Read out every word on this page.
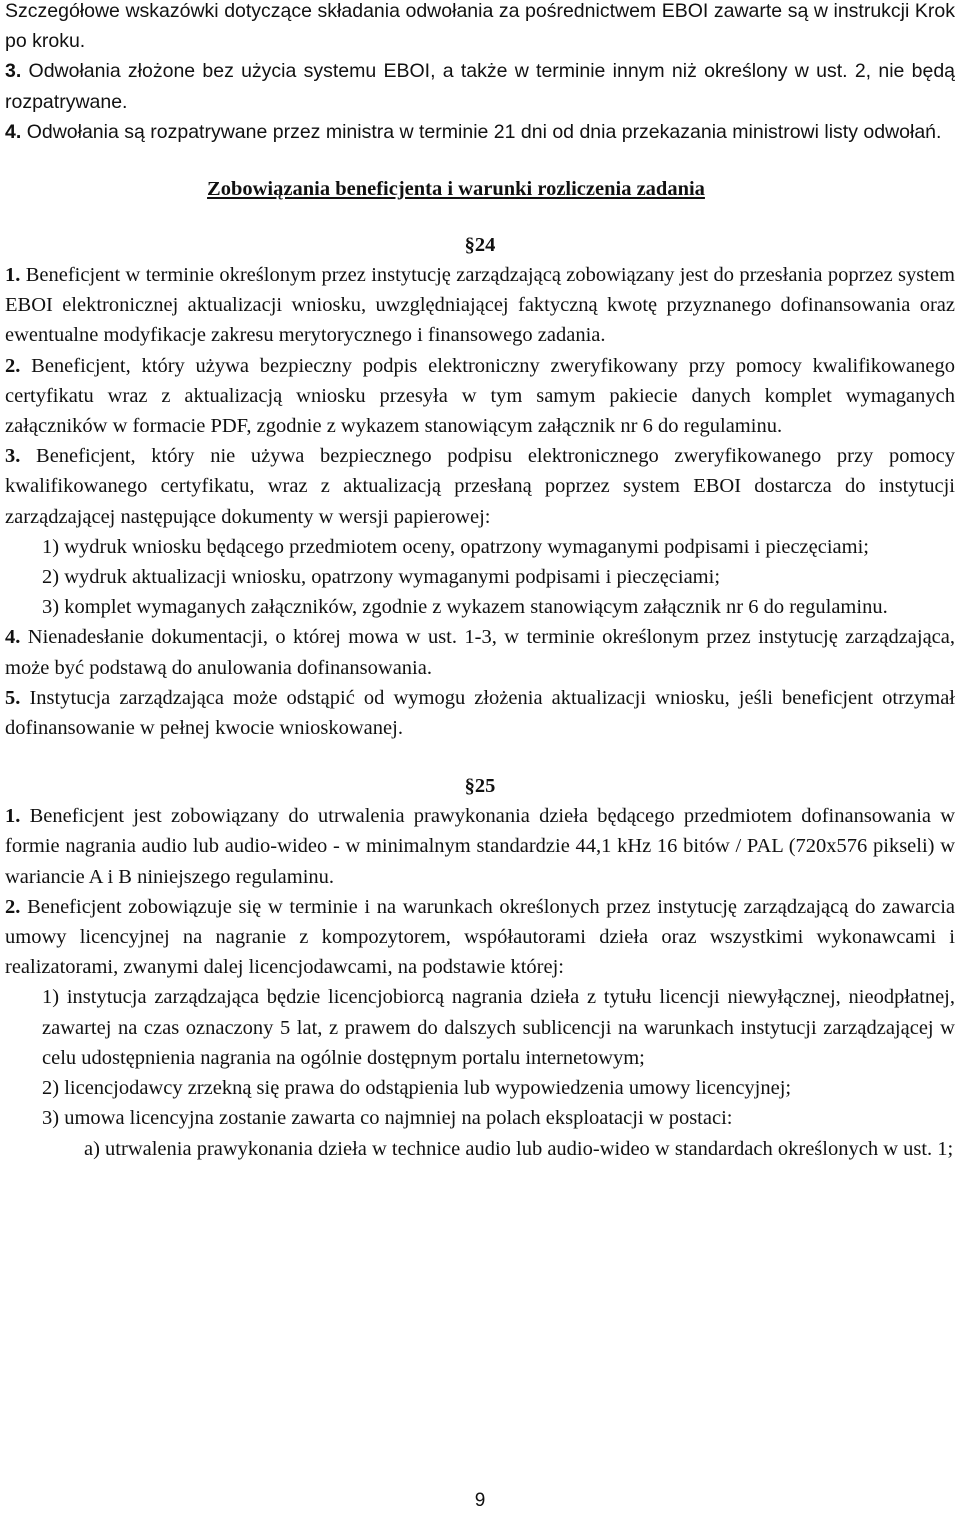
Szczegółowe wskazówki dotyczące składania odwołania za pośrednictwem EBOI zawarte są w instrukcji Krok po kroku.

3. Odwołania złożone bez użycia systemu EBOI, a także w terminie innym niż określony w ust. 2, nie będą rozpatrywane.

4. Odwołania są rozpatrywane przez ministra w terminie 21 dni od dnia przekazania ministrowi listy odwołań.

Zobowiązania beneficjenta i warunki rozliczenia zadania

§24

1. Beneficjent w terminie określonym przez instytucję zarządzającą zobowiązany jest do przesłania poprzez system EBOI elektronicznej aktualizacji wniosku, uwzględniającej faktyczną kwotę przyznanego dofinansowania oraz ewentualne modyfikacje zakresu merytorycznego i finansowego zadania.

2. Beneficjent, który używa bezpieczny podpis elektroniczny zweryfikowany przy pomocy kwalifikowanego certyfikatu wraz z aktualizacją wniosku przesyła w tym samym pakiecie danych komplet wymaganych załączników w formacie PDF, zgodnie z wykazem stanowiącym załącznik nr 6 do regulaminu.

3. Beneficjent, który nie używa bezpiecznego podpisu elektronicznego zweryfikowanego przy pomocy kwalifikowanego certyfikatu, wraz z aktualizacją przesłaną poprzez system EBOI dostarcza do instytucji zarządzającej następujące dokumenty w wersji papierowej:

1) wydruk wniosku będącego przedmiotem oceny, opatrzony wymaganymi podpisami i pieczęciami;

2) wydruk aktualizacji wniosku, opatrzony wymaganymi podpisami i pieczęciami;

3) komplet wymaganych załączników, zgodnie z wykazem stanowiącym załącznik nr 6 do regulaminu.

4. Nienadesłanie dokumentacji, o której mowa w ust. 1-3, w terminie określonym przez instytucję zarządzająca, może być podstawą do anulowania dofinansowania.

5. Instytucja zarządzająca może odstąpić od wymogu złożenia aktualizacji wniosku, jeśli beneficjent otrzymał dofinansowanie w pełnej kwocie wnioskowanej.

§25

1. Beneficjent jest zobowiązany do utrwalenia prawykonania dzieła będącego przedmiotem dofinansowania w formie nagrania audio lub audio-wideo - w minimalnym standardzie 44,1 kHz 16 bitów / PAL (720x576 pikseli) w wariancie A i B niniejszego regulaminu.

2. Beneficjent zobowiązuje się w terminie i na warunkach określonych przez instytucję zarządzającą do zawarcia umowy licencyjnej na nagranie z kompozytorem, współautorami dzieła oraz wszystkimi wykonawcami i realizatorami, zwanymi dalej licencjodawcami, na podstawie której:

1) instytucja zarządzająca będzie licencjobiorcą nagrania dzieła z tytułu licencji niewyłącznej, nieodpłatnej, zawartej na czas oznaczony 5 lat, z prawem do dalszych sublicencji na warunkach instytucji zarządzającej w celu udostępnienia nagrania na ogólnie dostępnym portalu internetowym;

2) licencjodawcy zrzekną się prawa do odstąpienia lub wypowiedzenia umowy licencyjnej;

3) umowa licencyjna zostanie zawarta co najmniej na polach eksploatacji w postaci:

a) utrwalenia prawykonania dzieła w technice audio lub audio-wideo w standardach określonych w ust. 1;

9
